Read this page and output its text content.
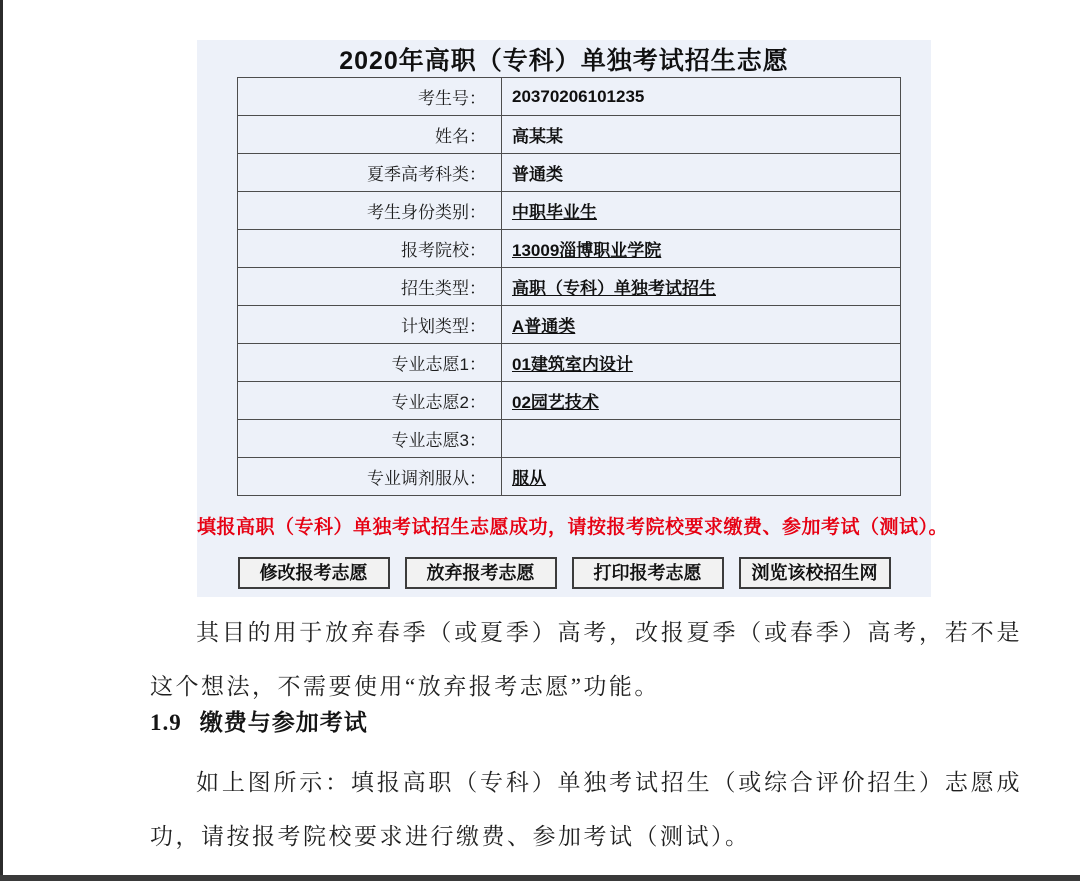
2020年高职（专科）单独考试招生志愿
考生号：	20370206101235
姓名：	高某某
夏季高考科类：	普通类
考生身份类别：	中职毕业生
报考院校：	13009淄博职业学院
招生类型：	高职（专科）单独考试招生
计划类型：	A普通类
专业志愿1：	01建筑室内设计
专业志愿2：	02园艺技术
专业志愿3：	
专业调剂服从：	服从
填报高职（专科）单独考试招生志愿成功，请按报考院校要求缴费、参加考试（测试）。
修改报考志愿	放弃报考志愿	打印报考志愿	浏览该校招生网

其目的用于放弃春季（或夏季）高考，改报夏季（或春季）高考，若不是这个想法，不需要使用“放弃报考志愿”功能。

1.9 缴费与参加考试

如上图所示：填报高职（专科）单独考试招生（或综合评价招生）志愿成功，请按报考院校要求进行缴费、参加考试（测试）。
